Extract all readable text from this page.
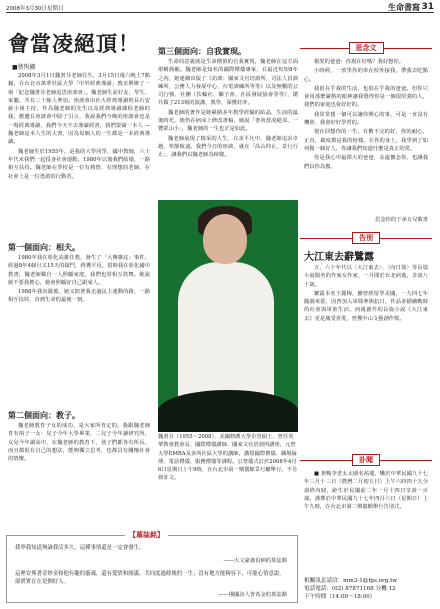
2008年3月30日星期日	生命書寫 31
會當凌絕頂！
■蔡恆顯

2008年3月1日魏書芬老師往生，3月15日週六晚上7點鐘，在台北市萬華社區大學「中外經典導讀」教室舉辦了一場「紀念魏書芬老師追思座談會」。魏老師生前好友、學生、家屬，共有三十餘人參加。座談會由社大經典導讀班長石安慈小姐主持，作為魏老師的先生以及經典導讀課程老師的我，應邀在座談會中除了引言，我說我們今晚的座談會也是一場經典導讀，我們今天不去導讀經書，我們要讀一本人 — 魏老師這本人生的大書，因為每個人的一生都是一本經典導讀。

魏老師生於1955年，是我的大學同學，國中教師，六十年代末我們一起投身社會運動。1980年以後我們結婚，一路相互扶持。魏老師在學校是一位有熱情、有理想的老師，在社會上是一位勇敢的行動者。

第一個面向：相夫。

1980年我在彰化高雄任教，發生了「大傳雜誌」事件，經過8年4個月又15天的獄門，終獲平反，當時我在彰化國中教書，魏老師獨自一人照顧家庭，我們也常相互鼓舞。她說她不要我擔心，她會照顧好自己跟家人。

1988年我出獄後，她又陪著我走過民主運動的路，一路相互扶持，直到生命的最後一刻。

第二個面向：教子。

魏老師教育子女的成功，是大家所肯定的。我跟魏老師育有兩子一女：兒子今年大學畢業，二兒子今年讀研究所，女兒今年讀高中，在魏老師的教育下，孩子們都各有所長，而且都很有自己的想法，能夠獨立思考，也都具有關懷社會的情懷。

第三個面向：自我實現。

生命的意義就是生命價值的自我實現，魏老師在這方面堪稱典範。魏老師是知名的國際禮儀專家，在最近短短8年之內，她連續出版了《訪談：國家文官培訓所，司法人員訓練所，公務人力發展中心，台電訓練所等等》以及無數的公司行號、社團（扶輪社、獅子會、社區發展協會等等），總共做了213場的演講，教學，深獲好評。

魏老師的著作是她累積多年教學經驗的結晶，生前的最後時光，她仍在病床上修改書稿，她說「書會當凌絕頂，一覽眾山小」，魏老師的一生也正是如此。

魏老師展現了精采的人生，在求平凡中，魏老師追求卓越，寧靜致遠。我們今日的座談，就在「高山仰止，景行行止」，讓我們以魏老師為榜樣。

魏書芬（1955～2008），美國修護大學企管碩士，曾任英華教會教會長、國際禮儀講師、國家文官培訓所講座，元智大學EMBA及多所社區大學的講師，講授國際禮儀、職場倫理、電話禮儀、服務禮儀等課程。公祭儀式訂於2008年4月6日星期日上午9時，在台北市第一殯儀館景行廳舉行，不另發訃文。
思念文

親愛的爸爸：你現在好嗎？我好想你。

小時候，一放學你的車在校外接我，帶我去吃點心。

我很在乎我的生活，也很在乎我的爸爸。但你只會用那麼嚴格的眼神讓我覺得你是一個很堅強的人，我們的家庭也會好好的。

我常常想一個可以讓你開心的事，可是一直沒有機會，我會好好學習的。

現在回想你的一生，有數不完的好，你的耐心，正直，風度都是我的榜樣。在你的身上，我學到了如何做一個好人，你讓我們知道什麼是真正的愛。

你是我心中最偉大的爸爸，永遠懷念你，也讓我們以你為傲。

思念你的于承女兒敬書
告別
大江東去辭鷺露

五、六十年代以〈大江東去〉、〈向日葵〉等長篇小說聞名的作家女作家，一月間於台北病逝，享壽八十歲。

繁露本名王麗梅，雖曾經留學美國，一九四七年隨調來臺，因曾加入軍隊參與抗日，作品多描繪戰時的社會與軍旅生活，而後創作的長篇小說《大江東去》更是廣受喜愛，曾獲中山文藝創作獎。

訃聞

■ 黃暢李老太太園名茜蓮，慟於中華民國九十七年三月十三日（農曆二月初五日）上午六時四十五分壽終內寢，距生於民國前二年一月十四日享壽一百歲。謹擇於中華民國九十七年四月六日（星期日）上午九時，在台北市第二殯儀館舉行告別式。

相關訊息請洽：mm3-1@fgs.org.tw
電話電話：(02) 87871168 分機 12
下午時間（14:00～18:00）
【慕誌銘】
我寧我知道無論我活多久，這種事情還是一定會發生。
——大文豪蕭伯納的墓誌銘
這裡安葬著奇妙金和他有趣的靈魂，還有愛情和圓滿，共同度過餘後的一生；沒有地方能夠容下，可能心情意說，卻實實在在是個好人。
——俄國詩人普希金的墓誌銘
